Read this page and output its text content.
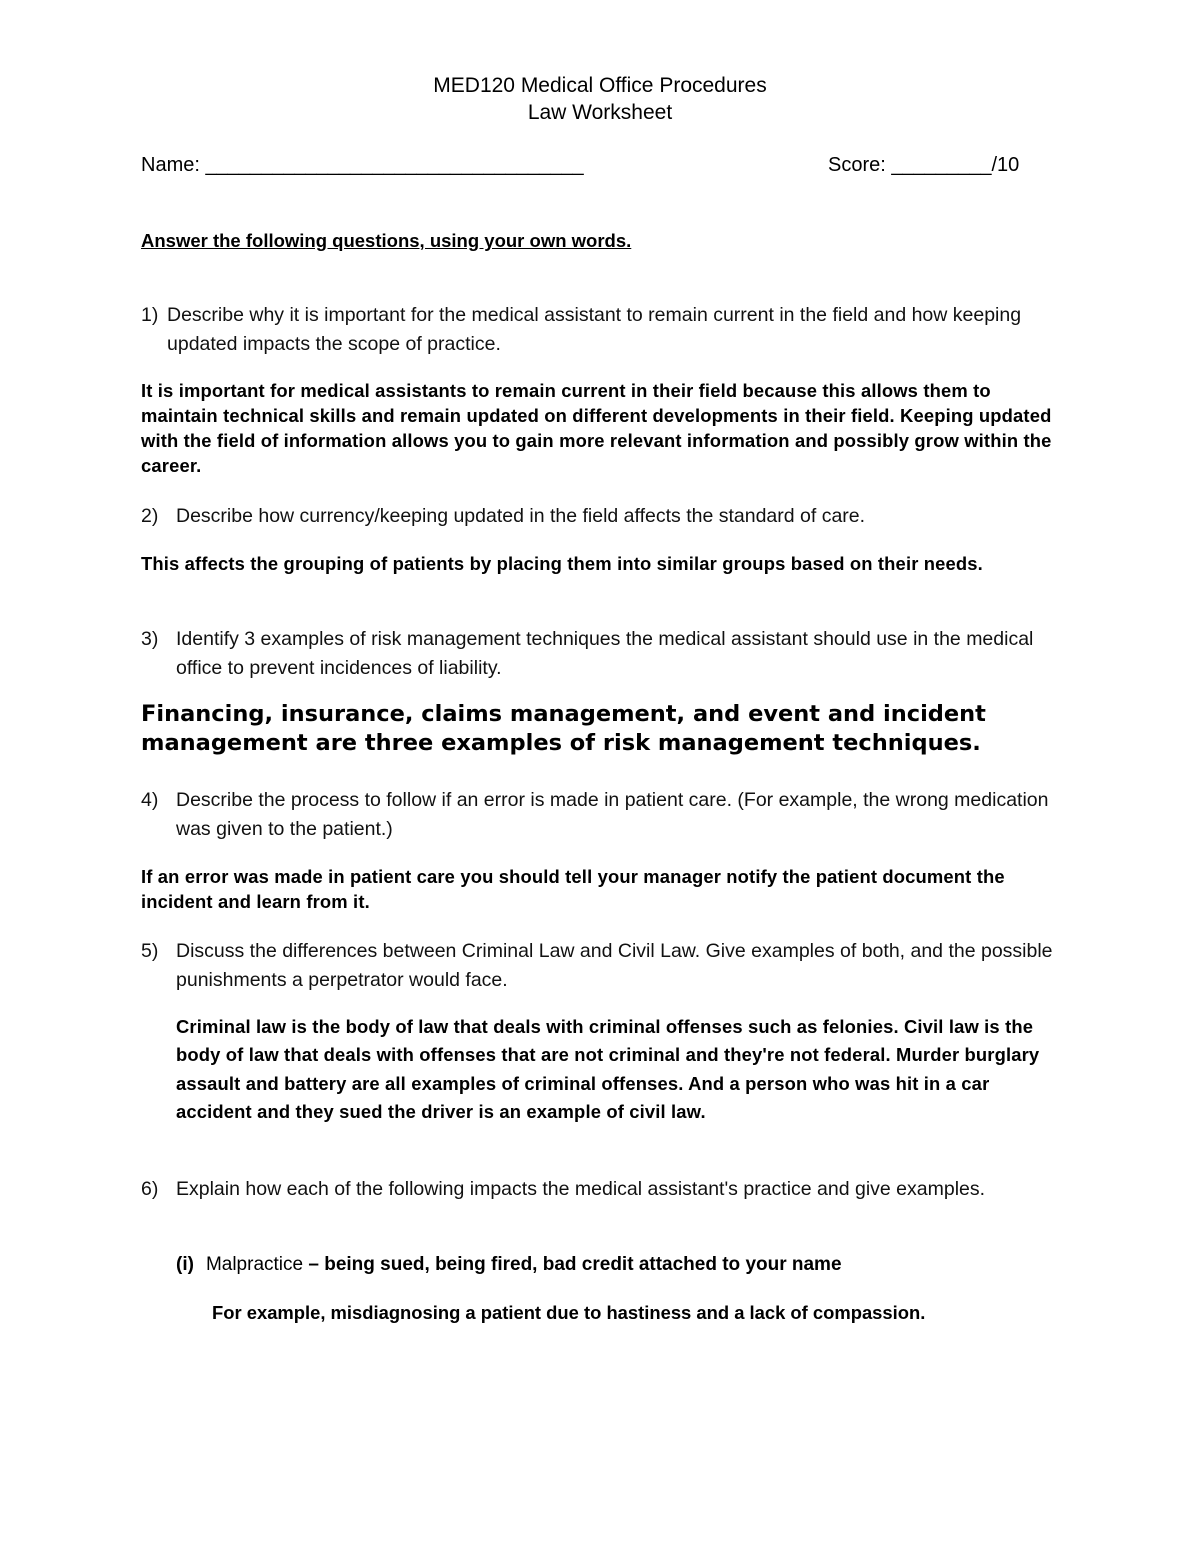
MED120 Medical Office Procedures
Law Worksheet
Name: __________________________________	Score: _________/10
Answer the following questions, using your own words.
1) Describe why it is important for the medical assistant to remain current in the field and how keeping updated impacts the scope of practice.
It is important for medical assistants to remain current in their field because this allows them to maintain technical skills and remain updated on different developments in their field. Keeping updated with the field of information allows you to gain more relevant information and possibly grow within the career.
2) Describe how currency/keeping updated in the field affects the standard of care.
This affects the grouping of patients by placing them into similar groups based on their needs.
3) Identify 3 examples of risk management techniques the medical assistant should use in the medical office to prevent incidences of liability.
Financing, insurance, claims management, and event and incident management are three examples of risk management techniques.
4) Describe the process to follow if an error is made in patient care. (For example, the wrong medication was given to the patient.)
If an error was made in patient care you should tell your manager notify the patient document the incident and learn from it.
5) Discuss the differences between Criminal Law and Civil Law. Give examples of both, and the possible punishments a perpetrator would face.
Criminal law is the body of law that deals with criminal offenses such as felonies. Civil law is the body of law that deals with offenses that are not criminal and they're not federal. Murder burglary assault and battery are all examples of criminal offenses. And a person who was hit in a car accident and they sued the driver is an example of civil law.
6) Explain how each of the following impacts the medical assistant's practice and give examples.
(i) Malpractice – being sued, being fired, bad credit attached to your name
For example, misdiagnosing a patient due to hastiness and a lack of compassion.
